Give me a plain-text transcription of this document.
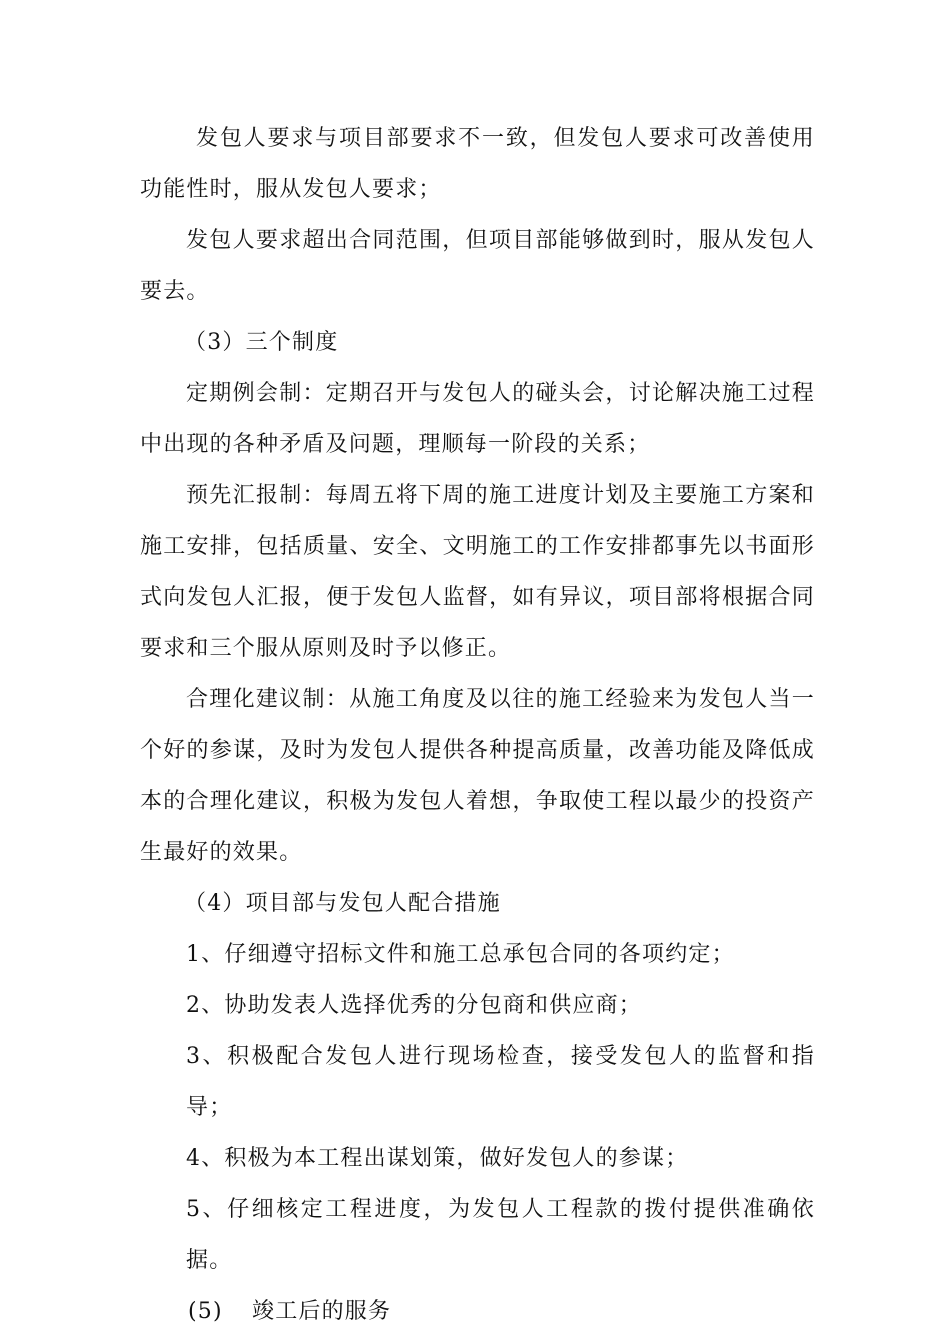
发包人要求与项目部要求不一致，但发包人要求可改善使用功能性时，服从发包人要求；

发包人要求超出合同范围，但项目部能够做到时，服从发包人要去。

（3）三个制度

定期例会制：定期召开与发包人的碰头会，讨论解决施工过程中出现的各种矛盾及问题，理顺每一阶段的关系；

预先汇报制：每周五将下周的施工进度计划及主要施工方案和施工安排，包括质量、安全、文明施工的工作安排都事先以书面形式向发包人汇报，便于发包人监督，如有异议，项目部将根据合同要求和三个服从原则及时予以修正。

合理化建议制：从施工角度及以往的施工经验来为发包人当一个好的参谋，及时为发包人提供各种提高质量，改善功能及降低成本的合理化建议，积极为发包人着想，争取使工程以最少的投资产生最好的效果。

（4）项目部与发包人配合措施

1、仔细遵守招标文件和施工总承包合同的各项约定；

2、协助发表人选择优秀的分包商和供应商；

3、积极配合发包人进行现场检查，接受发包人的监督和指导；

4、积极为本工程出谋划策，做好发包人的参谋；

5、仔细核定工程进度，为发包人工程款的拨付提供准确依据。

(5) 竣工后的服务
